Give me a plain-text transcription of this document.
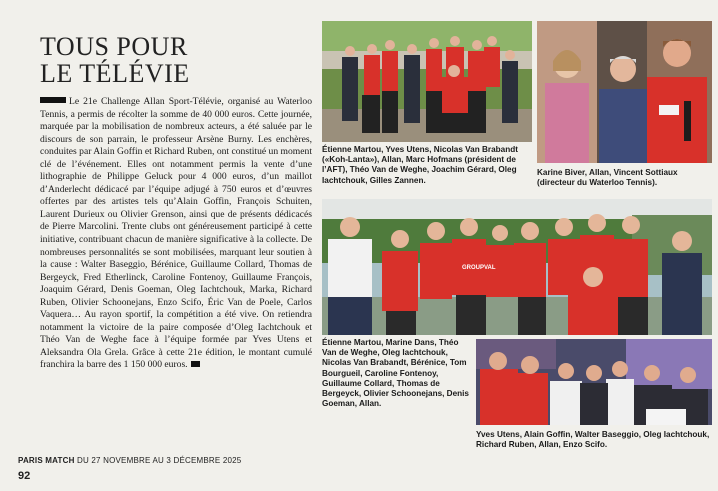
TOUS POUR
LE TÉLÉVIE

Le 21e Challenge Allan Sport-Télévie, organisé au Waterloo Tennis, a permis de récolter la somme de 40 000 euros. Cette journée, marquée par la mobilisation de nombreux acteurs, a été saluée par le discours de son parrain, le professeur Arsène Burny. Les enchères, conduites par Alain Goffin et Richard Ruben, ont constitué un moment clé de l’événement. Elles ont notamment permis la vente d’une lithographie de Philippe Geluck pour 4 000 euros, d’un maillot d’Anderlecht dédicacé par l’équipe adjugé à 750 euros et d’œuvres offertes par des artistes tels qu’Alain Goffin, François Schuiten, Laurent Durieux ou Olivier Grenson, ainsi que de présents dédicacés de Pierre Marcolini. Trente clubs ont généreusement participé à cette initiative, contribuant chacun de manière significative à la collecte. De nombreuses personnalités se sont mobilisées, marquant leur soutien à la cause : Walter Baseggio, Bérénice, Guillaume Collard, Thomas de Bergeyck, Fred Etherlinck, Caroline Fontenoy, Guillaume François, Joaquim Gérard, Denis Goeman, Oleg Iachtchouk, Marka, Richard Ruben, Olivier Schoonejans, Enzo Scifo, Éric Van de Poele, Carlos Vaquera… Au rayon sportif, la compétition a été vive. On retiendra notamment la victoire de la paire composée d’Oleg Iachtchouk et Théo Van de Weghe face à l’équipe formée par Yves Utens et Aleksandra Ola Grela. Grâce à cette 21e édition, le montant cumulé franchira la barre des 1 150 000 euros.

PARIS MATCH DU 27 NOVEMBRE AU 3 DÉCEMBRE 2025
92

Étienne Martou, Yves Utens, Nicolas Van Brabandt («Koh-Lanta»), Allan, Marc Hofmans (président de l’AFT), Théo Van de Weghe, Joachim Gérard, Oleg Iachtchouk, Gilles Zannen.

Karine Biver, Allan, Vincent Sottiaux (directeur du Waterloo Tennis).

GROUPVAL

Étienne Martou, Marine Dans, Théo Van de Weghe, Oleg Iachtchouk, Nicolas Van Brabandt, Bérénice, Tom Bourgueil, Caroline Fontenoy, Guillaume Collard, Thomas de Bergeyck, Olivier Schoonejans, Denis Goeman, Allan.

Yves Utens, Alain Goffin, Walter Baseggio, Oleg Iachtchouk, Richard Ruben, Allan, Enzo Scifo.
